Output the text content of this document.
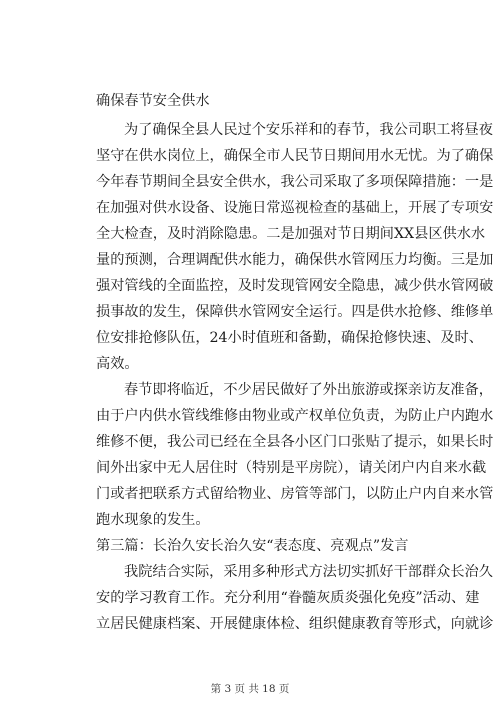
确保春节安全供水
为了确保全县人民过个安乐祥和的春节，我公司职工将昼夜
坚守在供水岗位上，确保全市人民节日期间用水无忧。为了确保
今年春节期间全县安全供水，我公司采取了多项保障措施：一是
在加强对供水设备、设施日常巡视检查的基础上，开展了专项安
全大检查，及时消除隐患。二是加强对节日期间XX县区供水水
量的预测，合理调配供水能力，确保供水管网压力均衡。三是加
强对管线的全面监控，及时发现管网安全隐患，减少供水管网破
损事故的发生，保障供水管网安全运行。四是供水抢修、维修单
位安排抢修队伍，24小时值班和备勤，确保抢修快速、及时、
高效。
春节即将临近，不少居民做好了外出旅游或探亲访友准备，
由于户内供水管线维修由物业或产权单位负责，为防止户内跑水
维修不便，我公司已经在全县各小区门口张贴了提示，如果长时
间外出家中无人居住时（特别是平房院），请关闭户内自来水截
门或者把联系方式留给物业、房管等部门，以防止户内自来水管
跑水现象的发生。
第三篇：长治久安长治久安“表态度、亮观点”发言
我院结合实际，采用多种形式方法切实抓好干部群众长治久
安的学习教育工作。充分利用“眷髓灰质炎强化免疫”活动、建
立居民健康档案、开展健康体检、组织健康教育等形式，向就诊
第 3 页 共 18 页
